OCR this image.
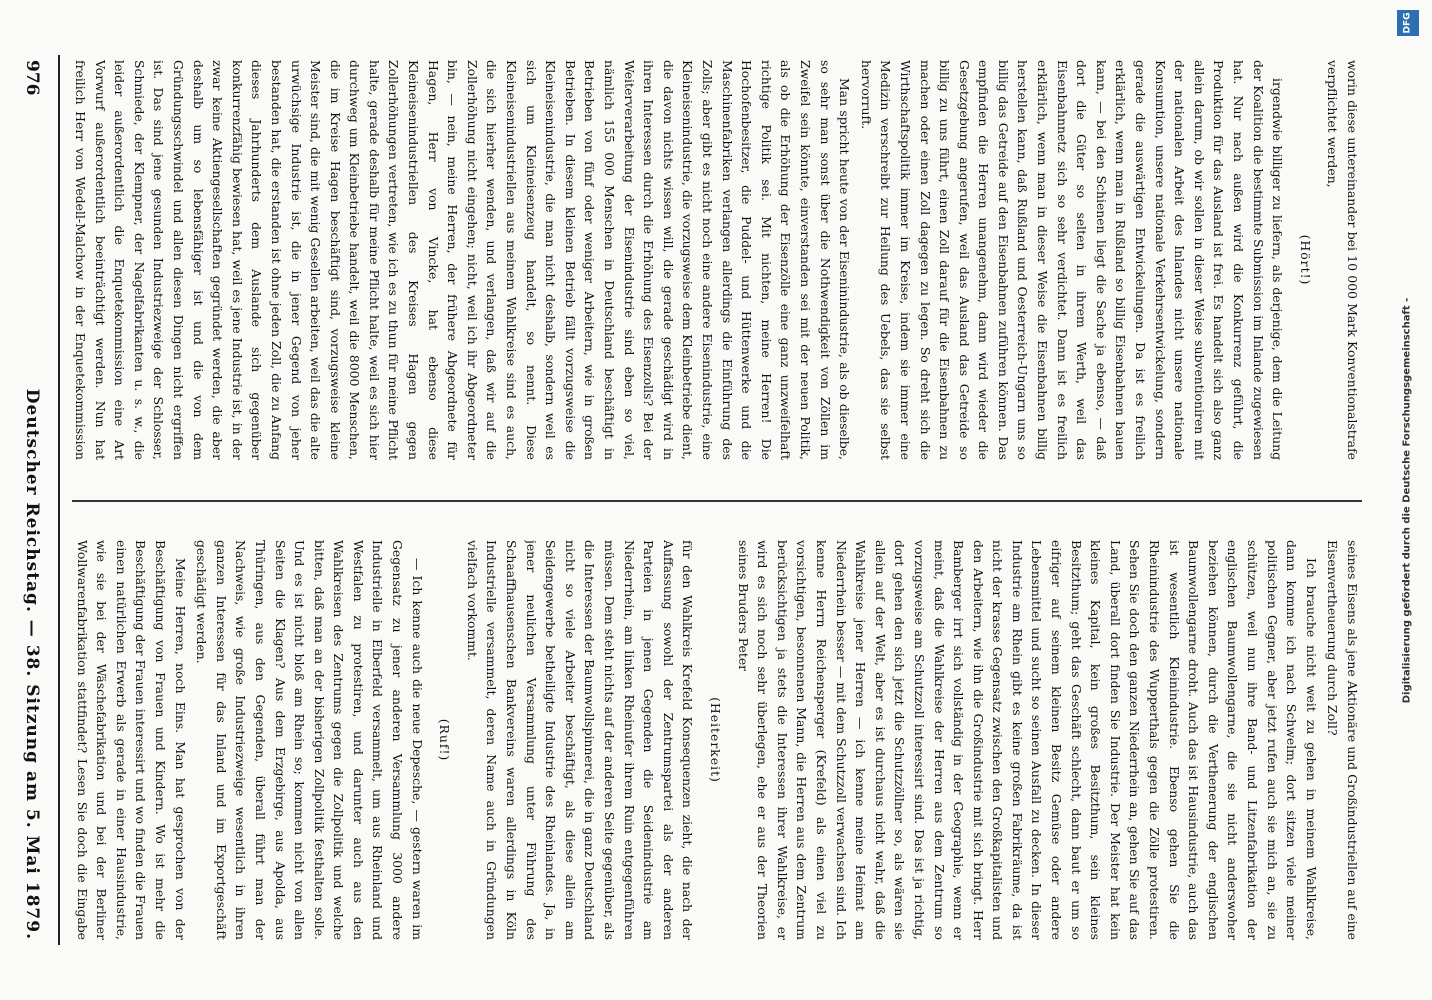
976
Deutscher Reichstag. — 38. Sitzung am 5. Mai 1879.

worin diese untereinander bei 10 000 Mark Konventionalstrafe verpflichtet werden,

(Hört!)

irgendwie billiger zu liefern, als derjenige, dem die Leitung der Koalition die bestimmte Submission im Inlande zugewiesen hat. Nur nach außen wird die Konkurrenz geführt, die Produktion für das Ausland ist frei. Es handelt sich also ganz allein darum, ob wir sollen in dieser Weise subventioniren mit der nationalen Arbeit des Inlandes nicht unsere nationale Konsumtion, unsere nationale Verkehrsentwickelung, sondern gerade die auswärtigen Entwickelungen. Da ist es freilich erklärlich, wenn man in Rußland so billig Eisenbahnen bauen kann, — bei den Schienen liegt die Sache ja ebenso, — daß dort die Güter so selten in ihrem Werth, weil das Eisenbahnnetz sich so sehr verdichtet. Dann ist es freilich erklärlich, wenn man in dieser Weise die Eisenbahnen billig herstellen kann, daß Rußland und Oesterreich-Ungarn uns so billig das Getreide auf den Eisenbahnen zuführen können. Das empfinden die Herren unangenehm, dann wird wieder die Gesetzgebung angerufen, weil das Ausland das Getreide so billig zu uns führt, einen Zoll darauf für die Eisenbahnen zu machen oder einen Zoll dagegen zu legen. So dreht sich die Wirthschaftspolitik immer im Kreise, indem sie immer eine Medizin verschreibt zur Heilung des Uebels, das sie selbst hervorruft.

Man spricht heute von der Eiseninindustrie, als ob dieselbe, so sehr man sonst über die Nothwendigkeit von Zöllen im Zweifel sein könnte, einverstanden sei mit der neuen Politik, als ob die Erhöhung der Eisenzölle eine ganz unzweifelhaft richtige Politik sei. Mit nichten, meine Herren! Die Hochofenbesitzer, die Puddel- und Hüttenwerke und die Maschinenfabriken verlangen allerdings die Einführung des Zolls; aber gibt es nicht noch eine andere Eisenindustrie, eine Kleineisenindustrie, die vorzugsweise dem Kleinbetriebe dient, die davon nichts wissen will, die gerade geschädigt wird in ihren Interessen durch die Erhöhung des Eisenzolls? Bei der Weiterverarbeitung der Eisenindustrie sind eben so viel, nämlich 155 000 Menschen in Deutschland beschäftigt in Betrieben von fünf oder weniger Arbeitern, wie in großen Betrieben. In diesem kleinen Betrieb fällt vorzugsweise die Kleineisenindustrie, die man nicht deshalb, sondern weil es sich um Kleineisenzeug handelt, so nennt. Diese Kleineisenindustriellen aus meinem Wahlkreise sind es auch, die sich hierher wenden, und verlangen, daß wir auf die Zollerhöhung nicht eingehen; nicht, weil ich ihr Abgeordneter bin, — nein, meine Herren, der frühere Abgeordnete für Hagen, Herr von Vincke, hat ebenso diese Kleineisenindustriellen des Kreises Hagen gegen Zollerhöhungen vertreten, wie ich es zu thun für meine Pflicht halte, gerade deshalb für meine Pflicht halte, weil es sich hier durchweg um Kleinbetriebe handelt, weil die 8000 Menschen, die im Kreise Hagen beschäftigt sind, vorzugsweise kleine Meister sind, die mit wenig Gesellen arbeiten, weil das die alte urwüchsige Industrie ist, die in jener Gegend von jeher bestanden hat, die erstanden ist ohne jeden Zoll, die zu Anfang dieses Jahrhunderts dem Auslande sich gegenüber konkurrenzfähig bewiesen hat, weil es jene Industrie ist, in der zwar keine Aktiengesellschaften gegründet werden, die aber deshalb um so lebensfähiger ist und die von dem Gründungsschwindel und allen diesen Dingen nicht ergriffen ist. Das sind jene gesunden Industriezweige der Schlosser, Schmiede, der Klempner, der Nagelfabrikanten u. s. w., die leider außerordentlich die Enquetekommission eine Art Vorwurf außerordentlich beeinträchtigt werden. Nun hat freilich Herr von Wedell-Malchow in der Enquetekommission

seines Eisens als jene Aktionäre und Großindustriellen auf eine Eisenvertheuerung durch Zoll?

Ich brauche nicht weit zu gehen in meinem Wahlkreise, dann komme ich nach Schwelm; dort sitzen viele meiner politischen Gegner, aber jetzt rufen auch sie mich an, sie zu schützen, weil nun ihre Band- und Litzenfabrikation der englischen Baumwollengarne, die sie nicht anderswoher beziehen können, durch die Verthenerung der englischen Baumwollengarne droht. Auch das ist Hausindustrie, auch das ist wesentlich Kleinindustrie. Ebenso gehen Sie die Rheinindustrie des Wupperthals gegen die Zölle protestiren. Sehen Sie doch den ganzen Niederrhein an, gehen Sie auf das Land, überall dort finden Sie Industrie. Der Meister hat kein kleines Kapital, kein großes Besitzthum, sein kleines Besitzthum; geht das Geschäft schlecht, dann baut er um so eifriger auf seinem kleinen Besitz Gemüse oder andere Lebensmittel und sucht so seinen Ausfall zu decken. In dieser Industrie am Rhein gibt es keine großen Fabrikräume, da ist nicht der krasse Gegensatz zwischen den Großkapitalisten und den Arbeitern, wie ihn die Großindustrie mit sich bringt. Herr Bamberger irrt sich vollständig in der Geographie, wenn er meint, daß die Wahlkreise der Herren aus dem Zentrum so vorzugsweise am Schutzzoll interessirt sind. Das ist ja richtig, dort gehen den sich jetzt die Schutzzöllner so, als wären sie allein auf der Welt, aber es ist durchaus nicht wahr, daß die Wahlkreise jener Herren — ich kenne meine Heimat am Niederrhein besser — mit dem Schutzzoll verwachsen sind. Ich kenne Herrn Reichensperger (Krefeld) als einen viel zu vorsichtigen, besonnenen Mann, die Herren aus dem Zentrum berücksichtigen ja stets die Interessen ihrer Wahlkreise, er wird es sich noch sehr überlegen, ehe er aus der Theorien seines Bruders Peter

(Heiterkeit)

für den Wahlkreis Krefeld Konsequenzen zieht, die nach der Auffassung sowohl der Zentrumspartei als der anderen Parteien in jenen Gegenden die Seidenindustrie am Niederrhein, am linken Rheinufer ihrem Ruin entgegenführen müssen. Dem steht nichts auf der anderen Seite gegenüber, als die Interessen der Baumwollspinnerei, die in ganz Deutschland nicht so viele Arbeiter beschäftigt, als diese allein am Seidengewerbe betheiligte Industrie des Rheinlandes. Ja, in jener neulichen Versammlung unter Führung des Schaaffhausenschen Bankvereins waren allerdings in Köln Industrielle versammelt, deren Name auch in Gründungen vielfach vorkommt.

(Ruf!)

— Ich kenne auch die neue Depesche, — gestern waren im Gegensatz zu jener anderen Versammlung 3000 andere Industrielle in Elberfeld versammelt, um aus Rheinland und Westfalen zu protestiren, und darunter auch aus den Wahlkreisen des Zentrums gegen die Zollpolitik und welche bitten, daß man an der bisherigen Zollpolitik festhalten solle. Und es ist nicht bloß am Rhein so; kommen nicht von allen Seiten die Klagen? Aus dem Erzgebirge, aus Apolda, aus Thüringen, aus den Gegenden, überall führt man der Nachweis, wie große Industriezweige wesentlich in ihren ganzen Interessen für das Inland und im Exportgeschäft geschädigt werden.

Meine Herren, noch Eins. Man hat gesprochen von der Beschäftigung von Frauen und Kindern. Wo ist mehr die Beschäftigung der Frauen interessirt und wo finden die Frauen einen natürlichen Erwerb als gerade in einer Hausindustrie, wie sie bei der Wäschefabrikation und bei der Berliner Wollwarenfabrikation stattfindet? Lesen Sie doch die Eingabe

DFG
Digitalisierung gefördert durch die Deutsche Forschungsgemeinschaft -
